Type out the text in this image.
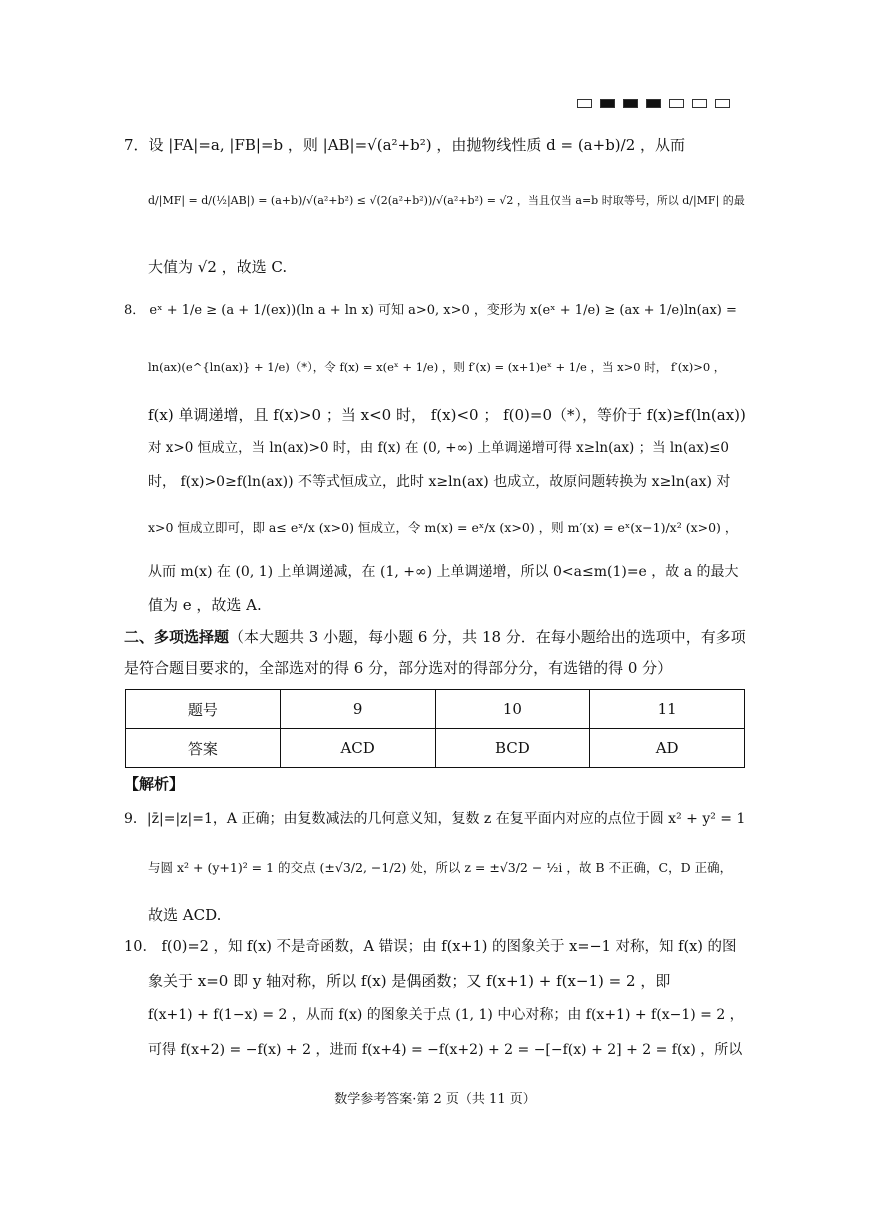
7．设 |FA|=a, |FB|=b ，则 |AB|=√(a²+b²) ，由抛物线性质 d = (a+b)/2 ，从而
d/|MF| = d/(½|AB|) = (a+b)/√(a²+b²) ≤ √(2(a²+b²))/√(a²+b²) = √2 ，当且仅当 a=b 时取等号，所以 d/|MF| 的最
大值为 √2 ，故选 C.
8． eˣ + 1/e ≥ (a + 1/(ex))(ln a + ln x) 可知 a>0, x>0 ，变形为 x(eˣ + 1/e) ≥ (ax + 1/e)ln(ax) =
ln(ax)(e^{ln(ax)} + 1/e)（*），令 f(x) = x(eˣ + 1/e) ，则 f′(x) = (x+1)eˣ + 1/e ，当 x>0 时， f′(x)>0 ，
f(x) 单调递增，且 f(x)>0 ；当 x<0 时， f(x)<0 ； f(0)=0（*），等价于 f(x)≥f(ln(ax))
对 x>0 恒成立，当 ln(ax)>0 时，由 f(x) 在 (0, +∞) 上单调递增可得 x≥ln(ax) ；当 ln(ax)≤0
时， f(x)>0≥f(ln(ax)) 不等式恒成立，此时 x≥ln(ax) 也成立，故原问题转换为 x≥ln(ax) 对
x>0 恒成立即可，即 a≤ eˣ/x (x>0) 恒成立，令 m(x) = eˣ/x (x>0) ，则 m′(x) = eˣ(x−1)/x² (x>0) ，
从而 m(x) 在 (0, 1) 上单调递减，在 (1, +∞) 上单调递增，所以 0<a≤m(1)=e ，故 a 的最大
值为 e ，故选 A.
二、多项选择题（本大题共 3 小题，每小题 6 分，共 18 分．在每小题给出的选项中，有多项
是符合题目要求的，全部选对的得 6 分，部分选对的得部分分，有选错的得 0 分）
题号	9	10	11
答案	ACD	BCD	AD
【解析】
9．|z̄|=|z|=1，A 正确；由复数减法的几何意义知，复数 z 在复平面内对应的点位于圆 x² + y² = 1
与圆 x² + (y+1)² = 1 的交点 (±√3/2, −1/2) 处，所以 z = ±√3/2 − ½i ，故 B 不正确，C，D 正确，
故选 ACD.
10． f(0)=2 ，知 f(x) 不是奇函数，A 错误；由 f(x+1) 的图象关于 x=−1 对称，知 f(x) 的图
象关于 x=0 即 y 轴对称，所以 f(x) 是偶函数；又 f(x+1) + f(x−1) = 2 ，即
f(x+1) + f(1−x) = 2 ，从而 f(x) 的图象关于点 (1, 1) 中心对称；由 f(x+1) + f(x−1) = 2 ，
可得 f(x+2) = −f(x) + 2 ，进而 f(x+4) = −f(x+2) + 2 = −[−f(x) + 2] + 2 = f(x) ，所以
数学参考答案·第 2 页（共 11 页）
